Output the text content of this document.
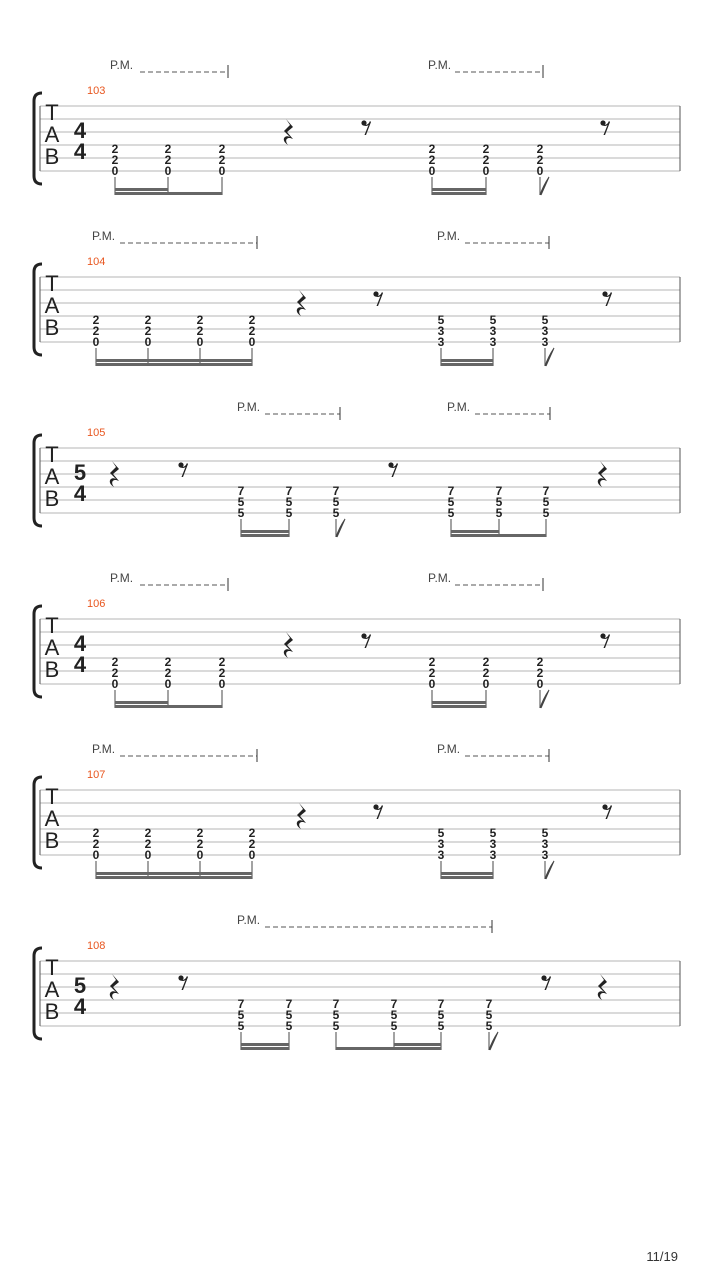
T
A
B
103
4
4
P.M.	P.M.
2
2
0
2
2
0
2
2
0
2
2
0
2
2
0
2
2
0
T
A
B
104
P.M.	P.M.
2
2
0
2
2
0
2
2
0
2
2
0
5
3
3
5
3
3
5
3
3
T
A
B
105
5
4
P.M.	P.M.
7
5
5
7
5
5
7
5
5
7
5
5
7
5
5
7
5
5
T
A
B
106
4
4
P.M.	P.M.
2
2
0
2
2
0
2
2
0
2
2
0
2
2
0
2
2
0
T
A
B
107
P.M.	P.M.
2
2
0
2
2
0
2
2
0
2
2
0
5
3
3
5
3
3
5
3
3
T
A
B
108
5
4
P.M.
7
5
5
7
5
5
7
5
5
7
5
5
7
5
5
7
5
5
11/19
